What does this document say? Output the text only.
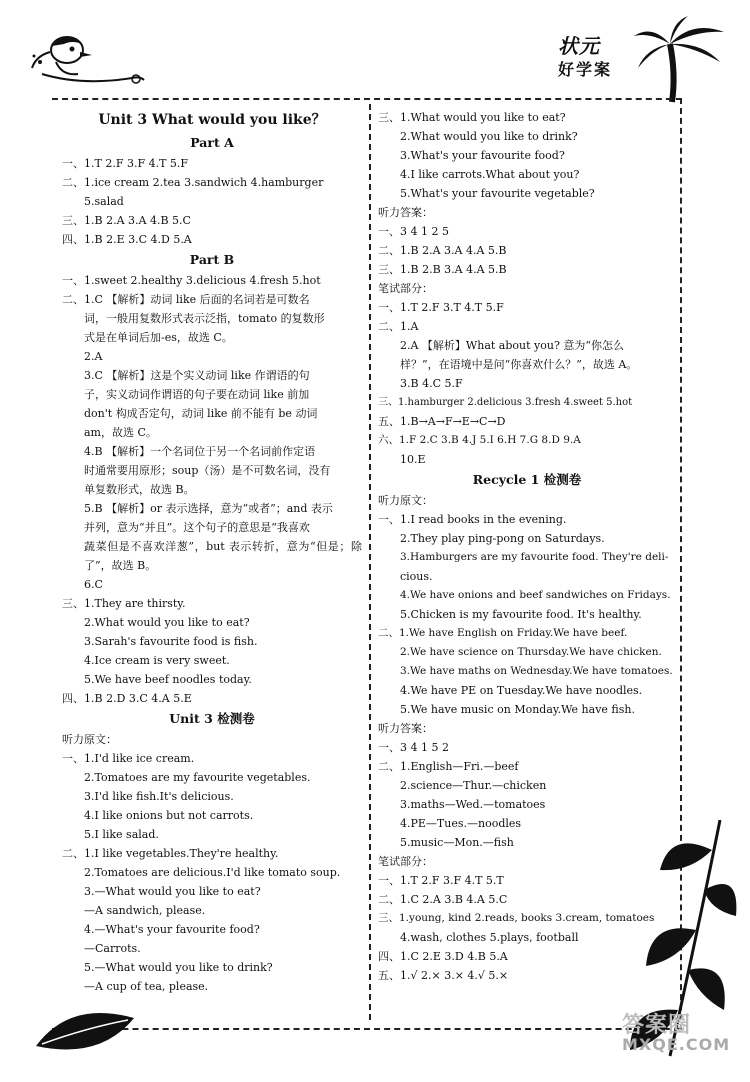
状元
好学案
Unit 3 What would you like？
Part A
一、1.T 2.F 3.F 4.T 5.F
二、1.ice cream 2.tea 3.sandwich 4.hamburger
5.salad
三、1.B 2.A 3.A 4.B 5.C
四、1.B 2.E 3.C 4.D 5.A
Part B
一、1.sweet 2.healthy 3.delicious 4.fresh 5.hot
二、1.C 【解析】动词 like 后面的名词若是可数名
词，一般用复数形式表示泛指，tomato 的复数形
式是在单词后加-es，故选 C。
2.A
3.C 【解析】这是个实义动词 like 作谓语的句
子，实义动词作谓语的句子要在动词 like 前加
don't 构成否定句，动词 like 前不能有 be 动词
am，故选 C。
4.B 【解析】一个名词位于另一个名词前作定语
时通常要用原形；soup（汤）是不可数名词，没有
单复数形式，故选 B。
5.B 【解析】or 表示选择，意为“或者”；and 表示
并列，意为“并且”。这个句子的意思是“我喜欢
蔬菜但是不喜欢洋葱”，but 表示转折，意为“但是；除了”，故选 B。
6.C
三、1.They are thirsty.
2.What would you like to eat?
3.Sarah's favourite food is fish.
4.Ice cream is very sweet.
5.We have beef noodles today.
四、1.B 2.D 3.C 4.A 5.E
Unit 3 检测卷
听力原文：
一、1.I'd like ice cream.
2.Tomatoes are my favourite vegetables.
3.I'd like fish.It's delicious.
4.I like onions but not carrots.
5.I like salad.
二、1.I like vegetables.They're healthy.
2.Tomatoes are delicious.I'd like tomato soup.
3.—What would you like to eat?
—A sandwich, please.
4.—What's your favourite food?
—Carrots.
5.—What would you like to drink?
—A cup of tea, please.
三、1.What would you like to eat?
2.What would you like to drink?
3.What's your favourite food?
4.I like carrots.What about you?
5.What's your favourite vegetable?
听力答案：
一、3 4 1 2 5
二、1.B 2.A 3.A 4.A 5.B
三、1.B 2.B 3.A 4.A 5.B
笔试部分：
一、1.T 2.F 3.T 4.T 5.F
二、1.A
2.A 【解析】What about you? 意为“你怎么
样？”，在语境中是问“你喜欢什么？”，故选 A。
3.B 4.C 5.F
三、1.hamburger 2.delicious 3.fresh 4.sweet 5.hot
五、1.B→A→F→E→C→D
六、1.F 2.C 3.B 4.J 5.I 6.H 7.G 8.D 9.A
10.E
Recycle 1 检测卷
听力原文：
一、1.I read books in the evening.
2.They play ping-pong on Saturdays.
3.Hamburgers are my favourite food. They're deli-
cious.
4.We have onions and beef sandwiches on Fridays.
5.Chicken is my favourite food. It's healthy.
二、1.We have English on Friday.We have beef.
2.We have science on Thursday.We have chicken.
3.We have maths on Wednesday.We have tomatoes.
4.We have PE on Tuesday.We have noodles.
5.We have music on Monday.We have fish.
听力答案：
一、3 4 1 5 2
二、1.English—Fri.—beef
2.science—Thur.—chicken
3.maths—Wed.—tomatoes
4.PE—Tues.—noodles
5.music—Mon.—fish
笔试部分：
一、1.T 2.F 3.F 4.T 5.T
二、1.C 2.A 3.B 4.A 5.C
三、1.young, kind 2.reads, books 3.cream, tomatoes
4.wash, clothes 5.plays, football
四、1.C 2.E 3.D 4.B 5.A
五、1.√ 2.× 3.× 4.√ 5.×
答案圈
MXQE.COM
